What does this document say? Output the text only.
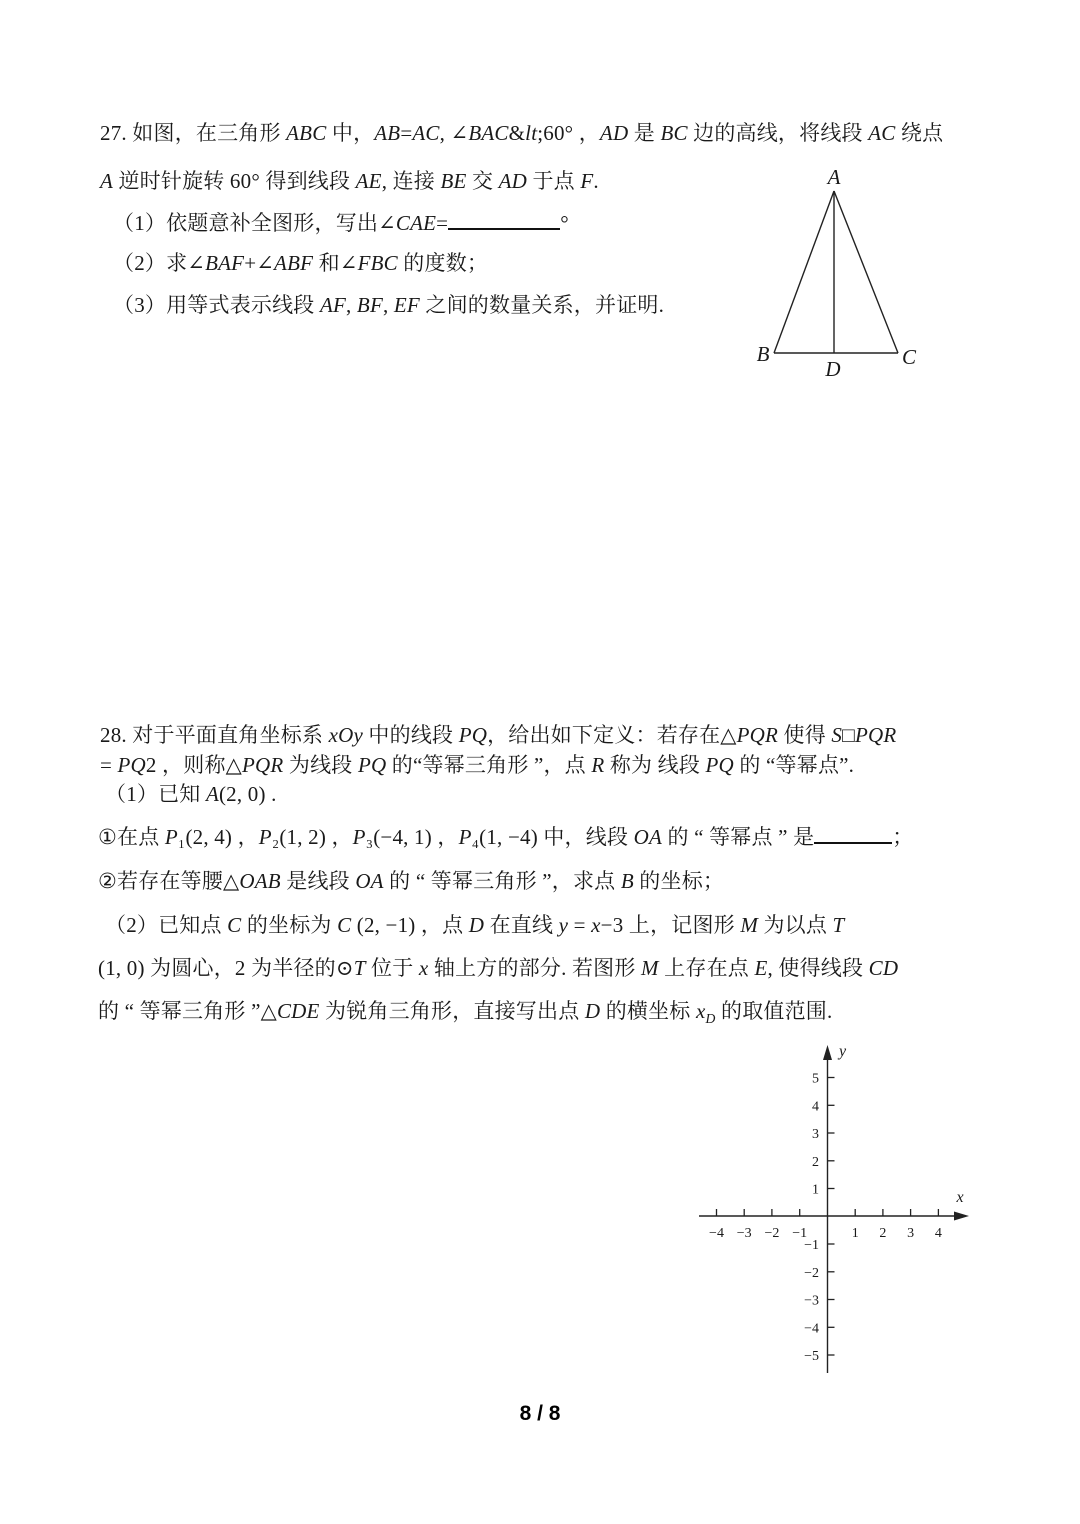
27. 如图，在三角形 ABC 中，AB=AC, ∠BAC&lt;60° ，AD 是 BC 边的高线，将线段 AC 绕点
A 逆时针旋转 60° 得到线段 AE, 连接 BE 交 AD 于点 F.
（1）依题意补全图形，写出∠CAE=	°
（2）求∠BAF+∠ABF 和∠FBC 的度数；
（3）用等式表示线段 AF, BF, EF 之间的数量关系，并证明.
A
B	C
D
28. 对于平面直角坐标系 xOy 中的线段 PQ，给出如下定义：若存在△PQR 使得 S□PQR
= PQ2 ，则称△PQR 为线段 PQ 的“等幂三角形 ”，点 R 称为 线段 PQ 的 “等幂点”.
（1）已知 A(2, 0) .
①在点 P₁(2, 4) ，P₂(1, 2) ，P₃(−4, 1) ，P₄(1, −4) 中，线段 OA 的 “ 等幂点 ” 是	；
②若存在等腰△OAB 是线段 OA 的 “ 等幂三角形 ”，求点 B 的坐标；
（2）已知点 C 的坐标为 C (2, −1) ，点 D 在直线 y = x−3 上，记图形 M 为以点 T
(1, 0) 为圆心，2 为半径的⊙T 位于 x 轴上方的部分. 若图形 M 上存在点 E, 使得线段 CD
的 “ 等幂三角形 ”△CDE 为锐角三角形，直接写出点 D 的横坐标 $x_D$ 的取值范围.
−4 −3 −2 −1	1 2 3 4
5
4
3
2
1
−1
−2
−3
−4
−5
x
y
8 / 8
